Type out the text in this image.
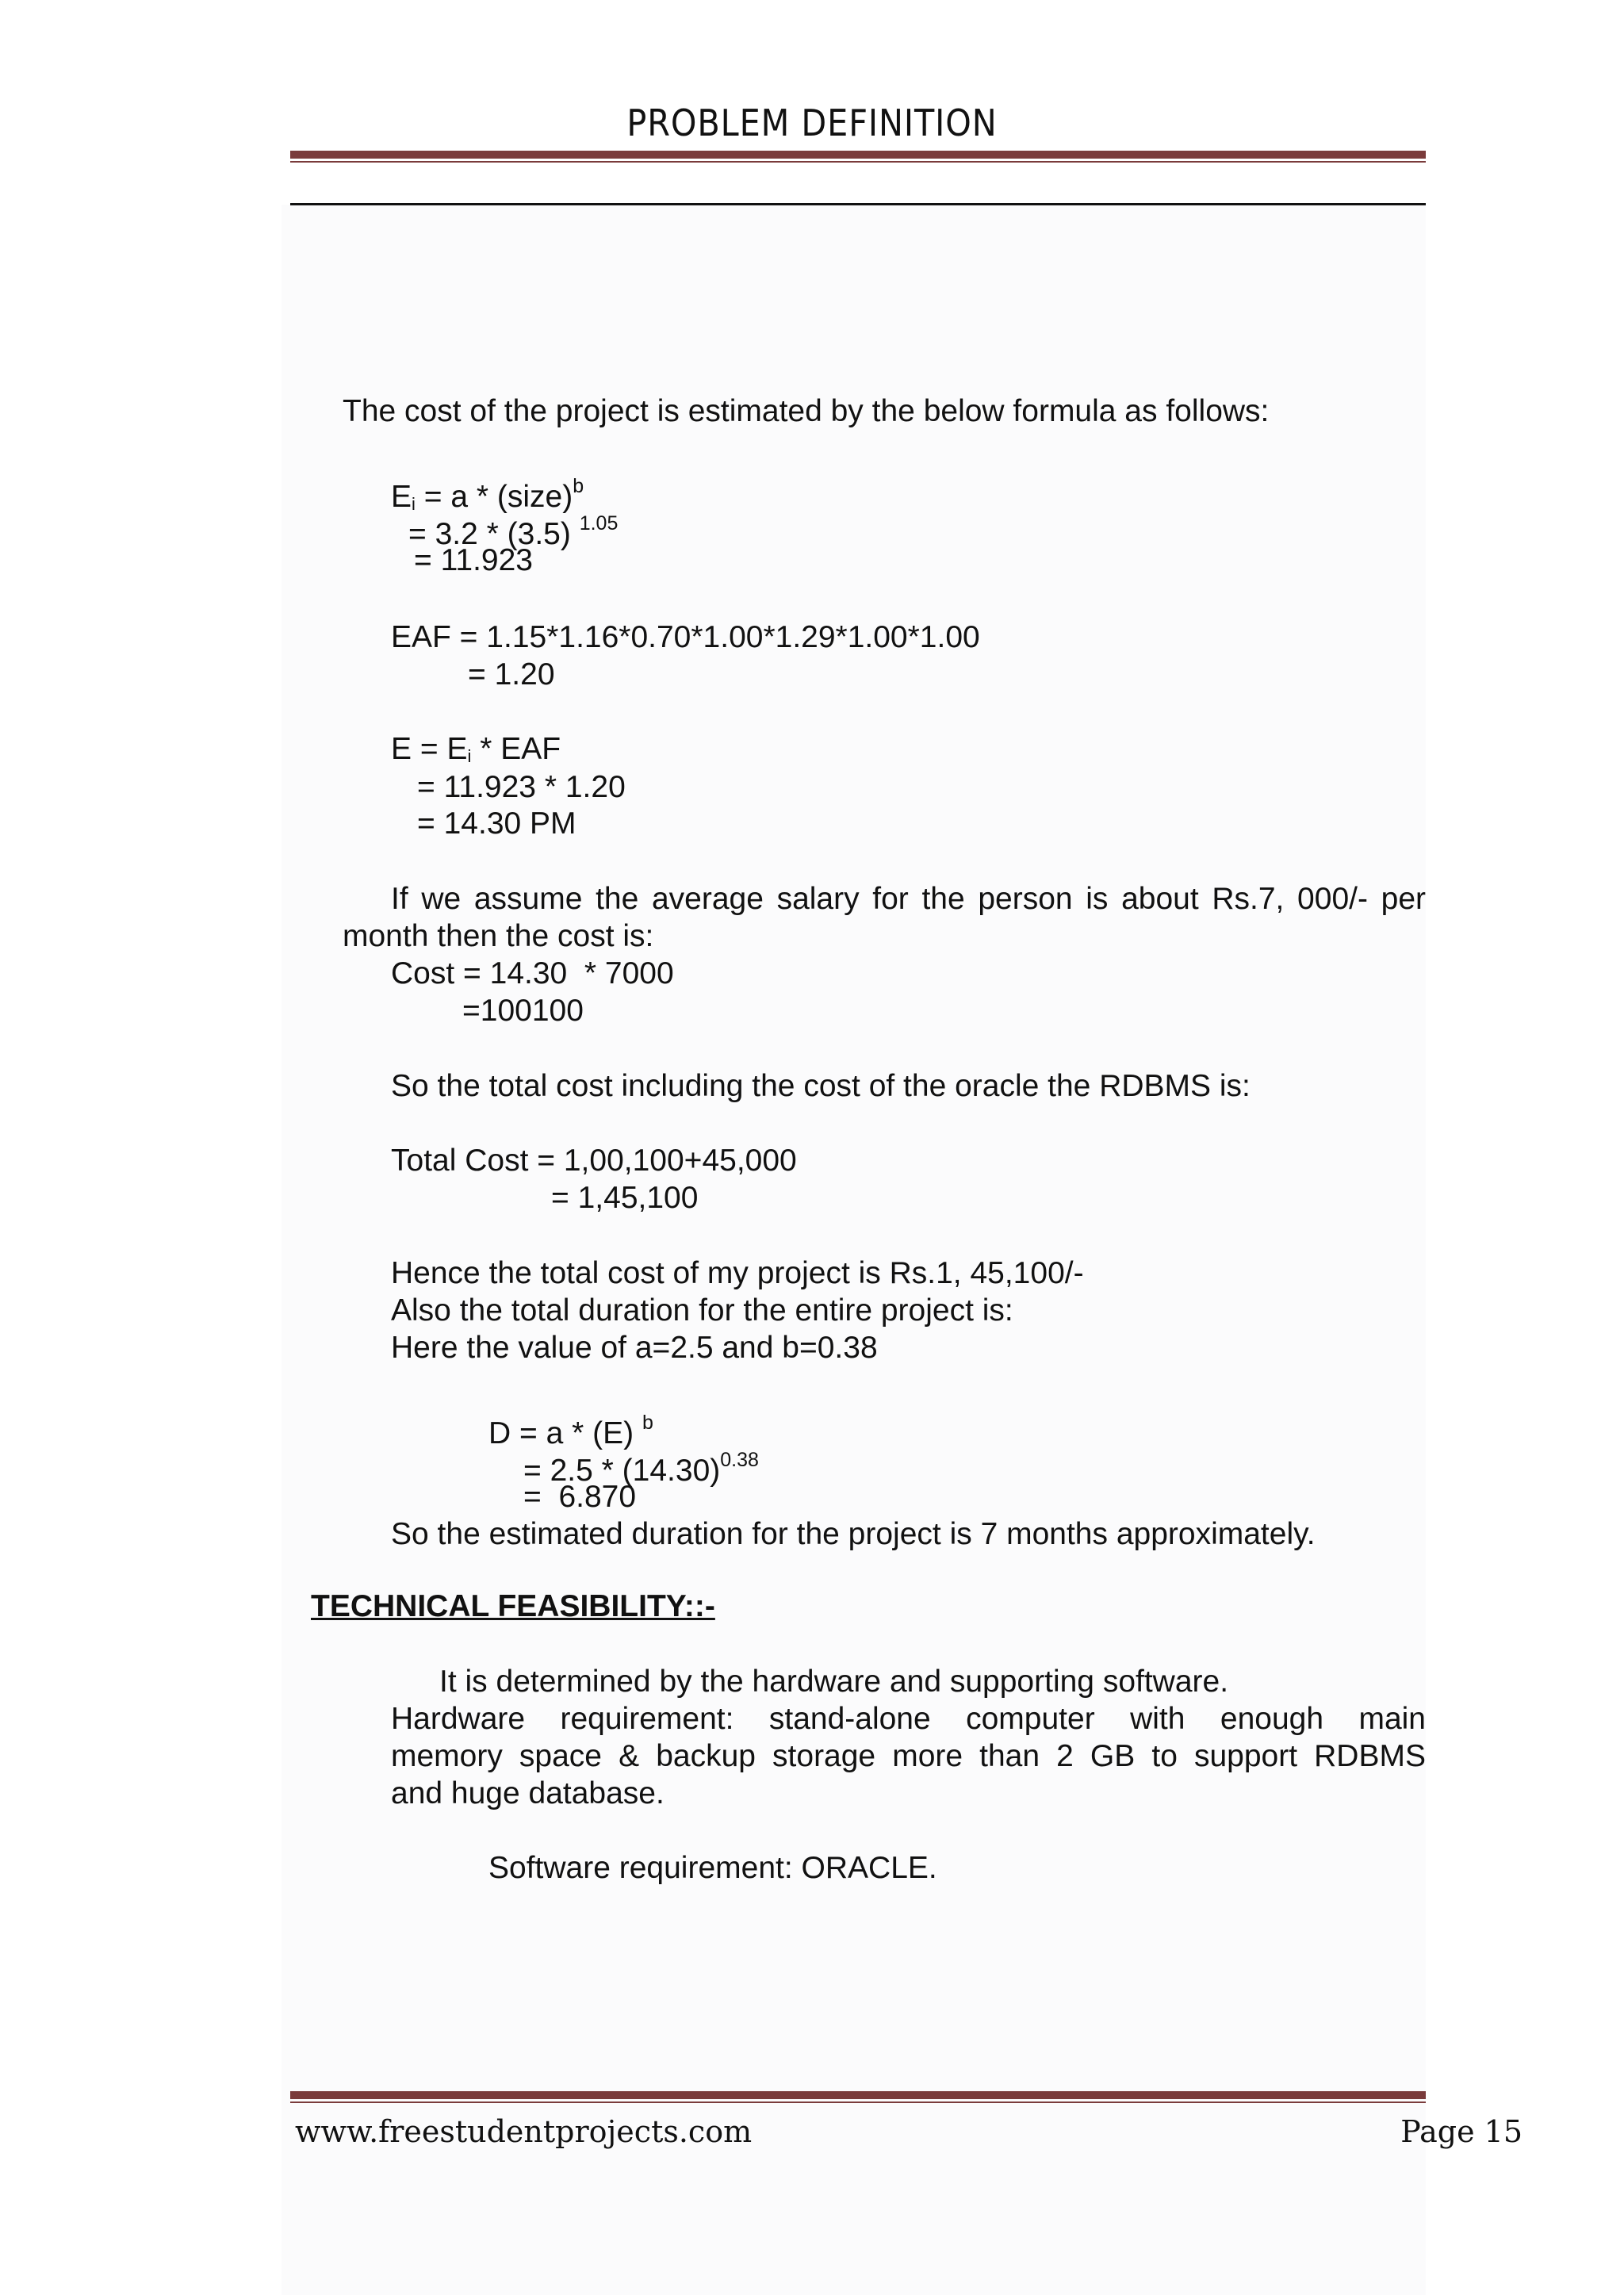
PROBLEM DEFINITION
The cost of the project is estimated by the below formula as follows:
Ei = a * (size)$^b$
= 3.2 * (3.5) $^{1.05}$
= 11.923
EAF = 1.15*1.16*0.70*1.00*1.29*1.00*1.00
= 1.20
E = Ei * EAF
= 11.923 * 1.20
= 14.30 PM
If we assume the average salary for the person is about Rs.7, 000/- per
month then the cost is:
Cost = 14.30  * 7000
=100100
So the total cost including the cost of the oracle the RDBMS is:
Total Cost = 1,00,100+45,000
= 1,45,100
Hence the total cost of my project is Rs.1, 45,100/-
Also the total duration for the entire project is:
Here the value of a=2.5 and b=0.38
D = a * (E) $^b$
= $2.5 * (14.30)^{0.38}$
=  6.870
So the estimated duration for the project is 7 months approximately.
TECHNICAL FEASIBILITY::-
It is determined by the hardware and supporting software.
Hardware requirement: stand-alone computer with enough main
memory space & backup storage more than 2 GB to support RDBMS
and huge database.
Software requirement: ORACLE.
www.freestudentprojects.com	Page 15
